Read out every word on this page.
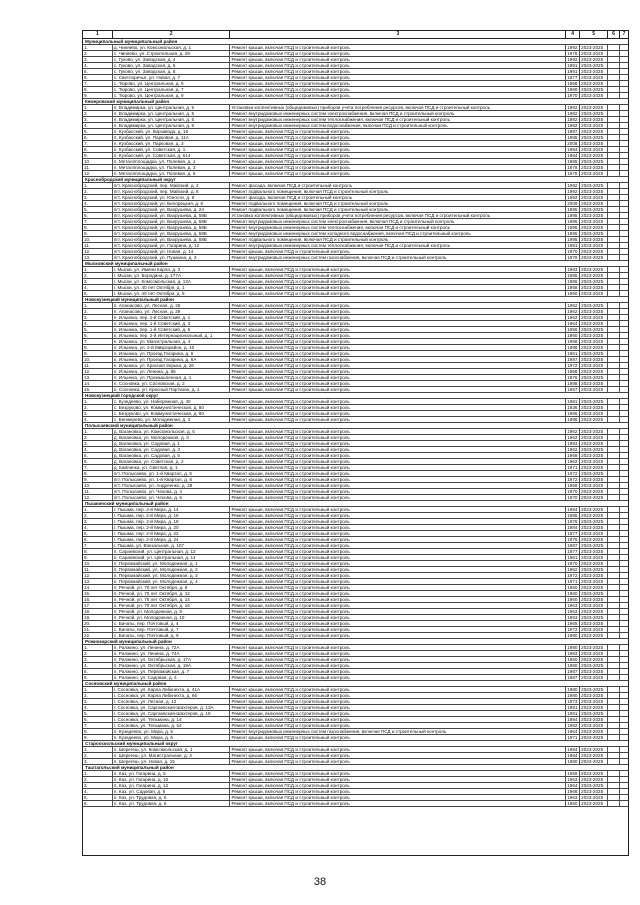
1	2	3	4	5	6	7
Муниципальный муниципальный район
1.	д. Чиняево, ул. Комсомольская, д. 1	Ремонт крыши, включая ПСД и строительный контроль	1992 2023-2025
2.	с. Чиняево, ул. Строительная, д. 28	Ремонт крыши, включая ПСД и строительный контроль	1976 2023-2025
3.	с. Гуково, ул. Заводская, д. 4	Ремонт крыши, включая ПСД и строительный контроль	1992 2023-2025
4.	с. Гуково, ул. Заводская, д. 5	Ремонт крыши, включая ПСД и строительный контроль	1991 2023-2025
5.	с. Гуково, ул. Заводская, д. 8	Ремонт крыши, включая ПСД и строительный контроль	1991 2023-2025
6.	с. Светлоречье, ул. Новая, д. 7	Ремонт крыши, включая ПСД и строительный контроль	1977 2023-2025
7.	с. Тюрово, ул. Центральная, д. 5	Ремонт крыши, включая ПСД и строительный контроль	1968 2023-2025
8.	с. Тюрово, ул. Центральная, д. 7	Ремонт крыши, включая ПСД и строительный контроль	1969 2023-2025
9.	с. Тюрово, ул. Центральная, д. 9	Ремонт крыши, включая ПСД и строительный контроль	1970 2023-2025
Кемеровский муниципальный район
1.	п. Владимирка, ул. Центральная, д. 5	Установка коллективных (общедомовых) приборов учета потребления ресурсов, включая ПСД и строительный контроль	1982 2023-2025
2.	п. Владимирка, ул. Центральная, д. 5	Ремонт внутридомовых инженерных систем электроснабжения, включая ПСД и строительный контроль	1982 2023-2025
3.	п. Владимирка, ул. Центральная, д. 5	Ремонт внутридомовых инженерных систем теплоснабжения, включая ПСД и строительный контроль	1982 2023-2025
4.	п. Владимирка, ул. Центральная, д. 5	Ремонт внутридомовых инженерных систем водоснабжения, включая ПСД и строительный контроль	1982 2023-2025
5.	п. Кузбасский, ул. Кирзавода, д. 16	Ремонт крыши, включая ПСД и строительный контроль	1987 2023-2025
6.	п. Кузбасский, ул. Парковая, д. 11А	Ремонт крыши, включая ПСД и строительный контроль	1985 2023-2025
7.	п. Кузбасский, ул. Парковая, д. 3	Ремонт крыши, включая ПСД и строительный контроль	2008 2023-2025
8.	п. Кузбасский, ул. Советская, д. 1	Ремонт крыши, включая ПСД и строительный контроль	1984 2023-2025
9.	п. Кузбасский, ул. Советская, д. 614	Ремонт крыши, включая ПСД и строительный контроль	1984 2023-2025
10.	п. Металлплощадка, ул. Полевая, д. 1	Ремонт крыши, включая ПСД и строительный контроль	1985 2023-2025
11.	п. Металлплощадка, ул. Полевая, д. 3	Ремонт крыши, включая ПСД и строительный контроль	1978 2023-2025
12.	п. Металлплощадка, ул. Полевая, д. 5	Ремонт крыши, включая ПСД и строительный контроль	1978 2023-2025
Краснобродский муниципальный округ
1.	пгт. Краснобродский, пер. Майский, д. 2	Ремонт фасада, включая ПСД и строительный контроль	1992 2023-2025
2.	пгт. Краснобродский, пер. Майский, д. 8	Ремонт подвального помещения, включая ПСД и строительный контроль	1992 2023-2025
3.	пгт. Краснобродский, ул. Юности, д. 8	Ремонт фасада, включая ПСД и строительный контроль	1992 2023-2025
4.	пгт. Краснобродский, ул. Белорецкая, д. 6	Ремонт подвального помещения, включая ПСД и строительный контроль	2009 2023-2025
5.	пгт. Краснобродский, ул. Вахрушева, д. 24	Ремонт подвального помещения, включая ПСД и строительный контроль	1995 2023-2025
6.	пгт. Краснобродский, ул. Вахрушева, д. 58Б	Установка коллективных (общедомовых) приборов учета потребления ресурсов, включая ПСД и строительный контроль	1995 2023-2025
7.	пгт. Краснобродский, ул. Вахрушева, д. 58Б	Ремонт внутридомовых инженерных систем электроснабжения, включая ПСД и строительный контроль	1995 2023-2025
8.	пгт. Краснобродский, ул. Вахрушева, д. 58Б	Ремонт внутридомовых инженерных систем теплоснабжения, включая ПСД и строительный контроль	1995 2023-2025
9.	пгт. Краснобродский, ул. Вахрушева, д. 58Б	Ремонт внутридомовых инженерных систем холодного водоснабжения, включая ПСД и строительный контроль	1995 2023-2025
10.	пгт. Краснобродский, ул. Вахрушева, д. 58Б	Ремонт подвального помещения, включая ПСД и строительный контроль	1995 2023-2025
11.	пгт. Краснобродский, ул. Гагарина, д. 12	Ремонт внутридомовых инженерных систем теплоснабжения, включая ПСД и строительный контроль	1991 2023-2025
12.	пгт. Краснобродский, ул. Новая, д. 14	Ремонт крыши, включая ПСД и строительный контроль	1970 2023-2025
13.	пгт. Краснобродский, ул. Пушкина, д. 3	Ремонт внутридомовых инженерных систем газоснабжения, включая ПСД и строительный контроль	1979 2023-2025
Мысковский муниципальный район
1.	г. Мыски, ул. Имени Карла, д. 3	Ремонт крыши, включая ПСД и строительный контроль	1983 2023-2025
2.	г. Мыски, ул. Бородина, д. 177А	Ремонт крыши, включая ПСД и строительный контроль	1985 2023-2025
3.	г. Мыски, ул. Комсомольская, д. 13А	Ремонт крыши, включая ПСД и строительный контроль	1986 2023-2025
4.	г. Мыски, ул. 40 лет Октября, д. 1	Ремонт крыши, включая ПСД и строительный контроль	1958 2023-2025
5.	г. Мыски, ул. 40 лет Октября, д. 5	Ремонт крыши, включая ПСД и строительный контроль	1960 2023-2025
Новокузнецкий муниципальный район
1.	п. Апанасово, ул. Лесная, д. 25	Ремонт крыши, включая ПСД и строительный контроль	1962 2023-2025
2.	п. Апанасово, ул. Лесная, д. 29	Ремонт крыши, включая ПСД и строительный контроль	1962 2023-2025
3.	п. Ильинка, пер. 1-й Советский, д. 1	Ремонт крыши, включая ПСД и строительный контроль	1962 2023-2025
4.	п. Ильинка, пер. 1-й Советский, д. 3	Ремонт крыши, включая ПСД и строительный контроль	1964 2023-2025
5.	п. Ильинка, пер. 1-й Советский, д. 5	Ремонт крыши, включая ПСД и строительный контроль	1956 2023-2025
6.	п. Ильинка, пер. 2-й Интернациональный, д. 1	Ремонт крыши, включая ПСД и строительный контроль	1960 2023-2025
7.	п. Ильинка, ул. Магистральная, д. 4	Ремонт крыши, включая ПСД и строительный контроль	1958 2023-2025
8.	п. Ильинка, ул. 2-й Микрорайон, д. 10	Ремонт крыши, включая ПСД и строительный контроль	1988 2023-2025
9.	п. Ильинка, ул. Проезд Гагарина, д. 6	Ремонт крыши, включая ПСД и строительный контроль	1961 2023-2025
10.	п. Ильинка, ул. Проезд Гагарина, д. 6А	Ремонт крыши, включая ПСД и строительный контроль	1987 2023-2025
11.	п. Ильинка, ул. Красная Зорька, д. 26	Ремонт крыши, включая ПСД и строительный контроль	1972 2023-2025
12.	п. Ильинка, ул. Ленина, д. 85	Ремонт крыши, включая ПСД и строительный контроль	1968 2023-2025
13.	п. Ильинка, ул. Промышленная, д. 1	Ремонт крыши, включая ПСД и строительный контроль	1976 2023-2025
14.	п. Сосновка, ул. Сосновская, д. 2	Ремонт крыши, включая ПСД и строительный контроль	1988 2023-2025
15.	п. Сосновка, ул. Красный Партизан, д. 1	Ремонт крыши, включая ПСД и строительный контроль	1957 2023-2025
Новокузнецкий городской округ
1.	с. Кузедеево, ул. Набережная, д. 40	Ремонт крыши, включая ПСД и строительный контроль	1981 2023-2025
2.	с. Безруково, ул. Коммунистическая, д. 50	Ремонт крыши, включая ПСД и строительный контроль	1936 2023-2025
3.	с. Безруково, ул. Коммунистическая, д. 60	Ремонт крыши, включая ПСД и строительный контроль	1985 2023-2025
4.	с. Бенжерево, ул. Молодежная, д. 3	Ремонт крыши, включая ПСД и строительный контроль	1988 2023-2025
Полысаевский муниципальный район
1.	д. Вагановка, ул. Комсомольская, д. 5	Ремонт крыши, включая ПСД и строительный контроль	1962 2023-2025
2.	д. Вагановка, ул. Молодежная, д. 3	Ремонт крыши, включая ПСД и строительный контроль	1962 2023-2025
3.	д. Вагановка, ул. Садовая, д. 1	Ремонт крыши, включая ПСД и строительный контроль	1983 2023-2025
4.	д. Вагановка, ул. Садовая, д. 3	Ремонт крыши, включая ПСД и строительный контроль	1962 2023-2025
5.	д. Вагановка, ул. Садовая, д. 6	Ремонт крыши, включая ПСД и строительный контроль	1969 2023-2025
6.	д. Вагановка, ул. Советская, д. 2	Ремонт крыши, включая ПСД и строительный контроль	1962 2023-2025
7.	д. Кайлинка, ул. Светлая, д. 1	Ремонт крыши, включая ПСД и строительный контроль	1971 2023-2025
8.	пгт. Полысаево, ул. 1-й Квартал, д. 5	Ремонт крыши, включая ПСД и строительный контроль	1972 2023-2025
9.	пгт. Полысаево, ул. 1-й Квартал, д. 8	Ремонт крыши, включая ПСД и строительный контроль	1972 2023-2025
10.	пгт. Полысаево, ул. Андреенко, д. 38	Ремонт крыши, включая ПСД и строительный контроль	1968 2023-2025
11.	пгт. Полысаево, ул. Чехова, д. 4	Ремонт крыши, включая ПСД и строительный контроль	1970 2023-2025
12.	пгт. Полысаево, ул. Чехова, д. 6	Ремонт крыши, включая ПСД и строительный контроль	1970 2023-2025
Пышкинский муниципальный район
1.	г. Пышма, пер. 2-й Мира, д. 14	Ремонт крыши, включая ПСД и строительный контроль	1984 2023-2025
2.	г. Пышма, пер. 2-й Мира, д. 16	Ремонт крыши, включая ПСД и строительный контроль	1985 2023-2025
3.	г. Пышма, пер. 2-й Мира, д. 18	Ремонт крыши, включая ПСД и строительный контроль	1976 2023-2025
4.	г. Пышма, пер. 2-й Мира, д. 20	Ремонт крыши, включая ПСД и строительный контроль	1984 2023-2025
5.	г. Пышма, пер. 2-й Мира, д. 22	Ремонт крыши, включая ПСД и строительный контроль	1977 2023-2025
6.	г. Пышма, пер. 2-й Мира, д. 24	Ремонт крыши, включая ПСД и строительный контроль	1975 2023-2025
7.	г. Пышма, ул. Вокзальная, д. 107	Ремонт крыши, включая ПСД и строительный контроль	1987 2023-2025
8.	п. Сараевский, ул. Центральная, д. 13	Ремонт крыши, включая ПСД и строительный контроль	1977 2023-2025
9.	п. Сараевский, ул. Центральная, д. 14	Ремонт крыши, включая ПСД и строительный контроль	1981 2023-2025
10.	п. Первомайский, ул. Молодежная, д. 1	Ремонт крыши, включая ПСД и строительный контроль	1970 2023-2025
11.	п. Первомайский, ул. Молодежная, д. 2	Ремонт крыши, включая ПСД и строительный контроль	1962 2023-2025
12.	п. Первомайский, ул. Молодежная, д. 3	Ремонт крыши, включая ПСД и строительный контроль	1972 2023-2025
13.	п. Первомайский, ул. Молодежная, д. 4	Ремонт крыши, включая ПСД и строительный контроль	1971 2023-2025
14.	п. Речной, ул. 70 лет Октября, д. 9	Ремонт крыши, включая ПСД и строительный контроль	1960 2023-2025
15.	п. Речной, ул. 70 лет Октября, д. 12	Ремонт крыши, включая ПСД и строительный контроль	1960 2023-2025
16.	п. Речной, ул. 70 лет Октября, д. 14	Ремонт крыши, включая ПСД и строительный контроль	1960 2023-2025
17.	п. Речной, ул. 70 лет Октября, д. 16	Ремонт крыши, включая ПСД и строительный контроль	1963 2023-2025
18.	п. Речной, ул. Молодежная, д. 8	Ремонт крыши, включая ПСД и строительный контроль	1963 2023-2025
19.	п. Речной, ул. Молодежная, д. 10	Ремонт крыши, включая ПСД и строительный контроль	1963 2023-2025
20.	с. Бачаты, пер. Почтовый, д. 4	Ремонт крыши, включая ПСД и строительный контроль	1965 2023-2025
21.	с. Бачаты, пер. Почтовый, д. 7	Ремонт крыши, включая ПСД и строительный контроль	1972 2023-2025
22.	с. Бачаты, пер. Почтовый, д. 9	Ремонт крыши, включая ПСД и строительный контроль	1980 2023-2025
Рожнокарский муниципальный район
1.	п. Ралжино, ул. Ленина, д. 72А	Ремонт крыши, включая ПСД и строительный контроль	1980 2023-2025
2.	п. Ралжино, ул. Ленина, д. 74А	Ремонт крыши, включая ПСД и строительный контроль	1983 2023-2025
3.	п. Ралжино, ул. Октябрьская, д. 17А	Ремонт крыши, включая ПСД и строительный контроль	1960 2023-2025
4.	п. Ралжино, ул. Октябрьская, д. 19А	Ремонт крыши, включая ПСД и строительный контроль	1980 2023-2025
5.	п. Ралжино, ул. Первомайская, д. 7	Ремонт крыши, включая ПСД и строительный контроль	1987 2023-2025
6.	п. Ралжино, ул. Садовая, д. 4	Ремонт крыши, включая ПСД и строительный контроль	1987 2023-2025
Сосновский муниципальный район
1.	г. Сосновка, ул. Карла Либкнехта, д. 41А	Ремонт крыши, включая ПСД и строительный контроль	1980 2023-2025
2.	г. Сосновка, ул. Карла Либкнехта, д. 66	Ремонт крыши, включая ПСД и строительный контроль	1980 2023-2025
3.	г. Сосновка, ул. Лесная, д. 12	Ремонт крыши, включая ПСД и строительный контроль	1973 2023-2025
4.	г. Сосновка, ул. Саргаевская-Шахтеров, д. 13А	Ремонт крыши, включая ПСД и строительный контроль	1981 2023-2025
5.	г. Сосновка, ул. Саргаевская-Шахтеров, д. 19	Ремонт крыши, включая ПСД и строительный контроль	1981 2023-2025
6.	г. Сосновка, ул. Тельмана, д. 14	Ремонт крыши, включая ПСД и строительный контроль	1984 2023-2025
7.	г. Сосновка, ул. Тельмана, д. 54	Ремонт крыши, включая ПСД и строительный контроль	1982 2023-2025
8.	п. Кузедеево, ул. Мира, д. 5	Ремонт внутридомовых инженерных систем газоснабжения, включая ПСД и строительный контроль	1964 2023-2025
9.	п. Кузедеево, ул. Мира, д. 6	Ремонт крыши, включая ПСД и строительный контроль	1971 2023-2025
Старооскольский муниципальный округ
1.	п. Шерегеш, ул. Комсомольская, д. 1	Ремонт крыши, включая ПСД и строительный контроль	1984 2023-2025
2.	п. Шерегеш, ул. Магистральная, д. 3	Ремонт крыши, включая ПСД и строительный контроль	1984 2023-2025
3.	п. Шерегеш, ул. Новая, д. 15	Ремонт крыши, включая ПСД и строительный контроль	1980 2023-2025
Таштагольский муниципальный район
1.	п. Каз, ул. Гагарина, д. 5	Ремонт крыши, включая ПСД и строительный контроль	1959 2023-2025
2.	п. Каз, ул. Гагарина, д. 10	Ремонт крыши, включая ПСД и строительный контроль	1963 2023-2025
3.	п. Каз, ул. Гагарина, д. 12	Ремонт крыши, включая ПСД и строительный контроль	1964 2023-2025
4.	п. Каз, ул. Садовая, д. 8	Ремонт крыши, включая ПСД и строительный контроль	1968 2023-2025
5.	п. Каз, ул. Трудовая, д. 5	Ремонт крыши, включая ПСД и строительный контроль	1963 2023-2025
6.	п. Каз, ул. Трудовая, д. 6	Ремонт крыши, включая ПСД и строительный контроль	1960 2023-2025
38
